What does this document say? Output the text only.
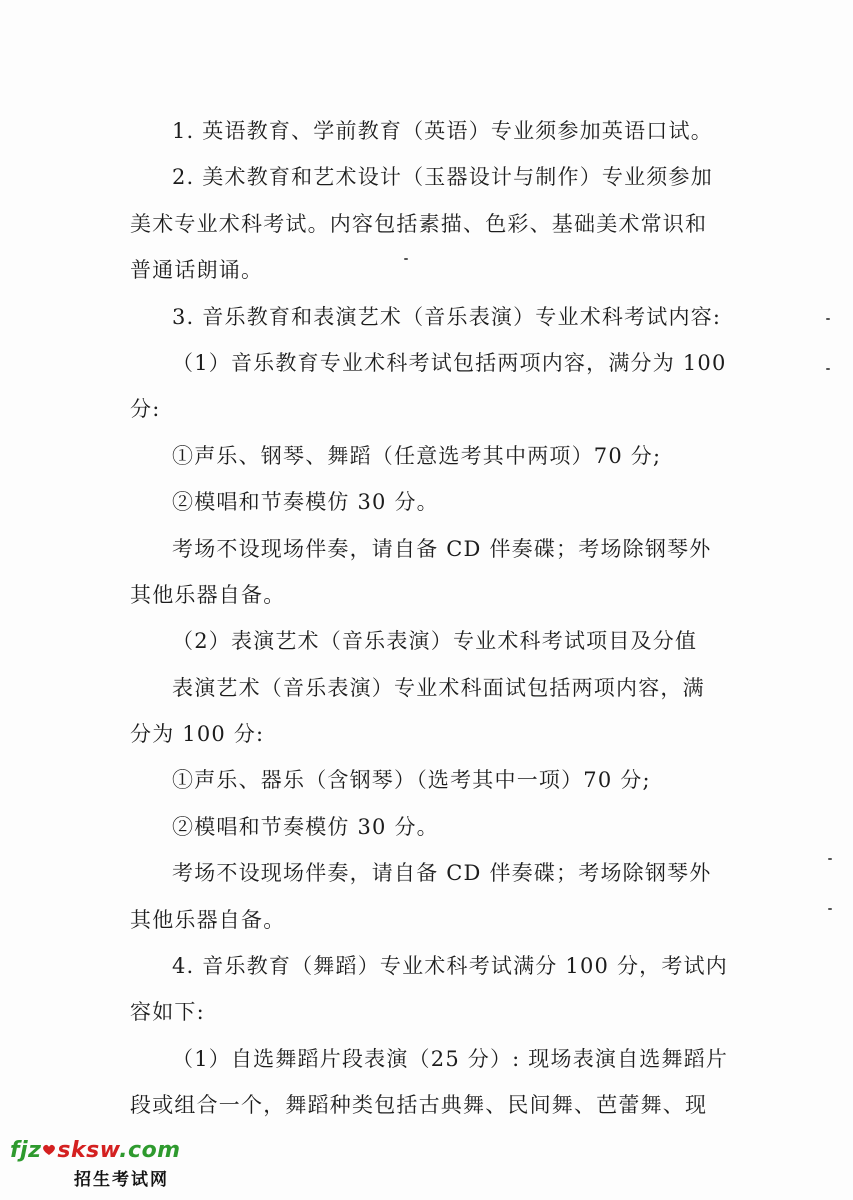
1. 英语教育、学前教育（英语）专业须参加英语口试。
2. 美术教育和艺术设计（玉器设计与制作）专业须参加
美术专业术科考试。内容包括素描、色彩、基础美术常识和
普通话朗诵。
3. 音乐教育和表演艺术（音乐表演）专业术科考试内容:
（1）音乐教育专业术科考试包括两项内容，满分为 100
分:
①声乐、钢琴、舞蹈（任意选考其中两项）70 分;
②模唱和节奏模仿 30 分。
考场不设现场伴奏，请自备 CD 伴奏碟；考场除钢琴外
其他乐器自备。
（2）表演艺术（音乐表演）专业术科考试项目及分值
表演艺术（音乐表演）专业术科面试包括两项内容，满
分为 100 分:
①声乐、器乐（含钢琴）（选考其中一项）70 分;
②模唱和节奏模仿 30 分。
考场不设现场伴奏，请自备 CD 伴奏碟；考场除钢琴外
其他乐器自备。
4. 音乐教育（舞蹈）专业术科考试满分 100 分，考试内
容如下:
（1）自选舞蹈片段表演（25 分）: 现场表演自选舞蹈片
段或组合一个，舞蹈种类包括古典舞、民间舞、芭蕾舞、现
fjz sksw.com
招生考试网
